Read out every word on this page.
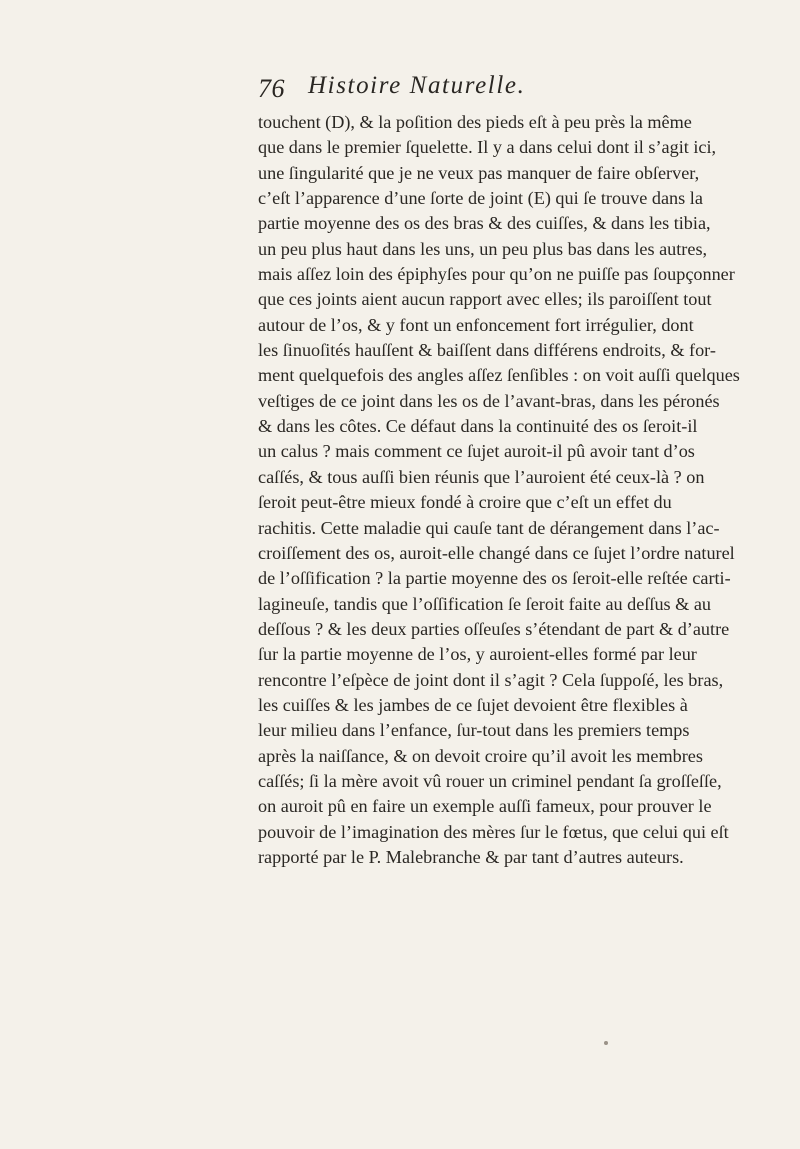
76 Histoire Naturelle.
touchent (D), & la poſition des pieds eſt à peu près la même
que dans le premier ſquelette. Il y a dans celui dont il s’agit ici,
une ſingularité que je ne veux pas manquer de faire obſerver,
c’eſt l’apparence d’une ſorte de joint (E) qui ſe trouve dans la
partie moyenne des os des bras & des cuiſſes, & dans les tibia,
un peu plus haut dans les uns, un peu plus bas dans les autres,
mais aſſez loin des épiphyſes pour qu’on ne puiſſe pas ſoupçonner
que ces joints aient aucun rapport avec elles; ils paroiſſent tout
autour de l’os, & y font un enfoncement fort irrégulier, dont
les ſinuoſités hauſſent & baiſſent dans différens endroits, & for-
ment quelquefois des angles aſſez ſenſibles : on voit auſſi quelques
veſtiges de ce joint dans les os de l’avant-bras, dans les péronés
& dans les côtes. Ce défaut dans la continuité des os ſeroit-il
un calus ? mais comment ce ſujet auroit-il pû avoir tant d’os
caſſés, & tous auſſi bien réunis que l’auroient été ceux-là ? on
ſeroit peut-être mieux fondé à croire que c’eſt un effet du
rachitis. Cette maladie qui cauſe tant de dérangement dans l’ac-
croiſſement des os, auroit-elle changé dans ce ſujet l’ordre naturel
de l’oſſification ? la partie moyenne des os ſeroit-elle reſtée carti-
lagineuſe, tandis que l’oſſification ſe ſeroit faite au deſſus & au
deſſous ? & les deux parties oſſeuſes s’étendant de part & d’autre
ſur la partie moyenne de l’os, y auroient-elles formé par leur
rencontre l’eſpèce de joint dont il s’agit ? Cela ſuppoſé, les bras,
les cuiſſes & les jambes de ce ſujet devoient être flexibles à
leur milieu dans l’enfance, ſur-tout dans les premiers temps
après la naiſſance, & on devoit croire qu’il avoit les membres
caſſés; ſi la mère avoit vû rouer un criminel pendant ſa groſſeſſe,
on auroit pû en faire un exemple auſſi fameux, pour prouver le
pouvoir de l’imagination des mères ſur le fœtus, que celui qui eſt
rapporté par le P. Malebranche & par tant d’autres auteurs.
